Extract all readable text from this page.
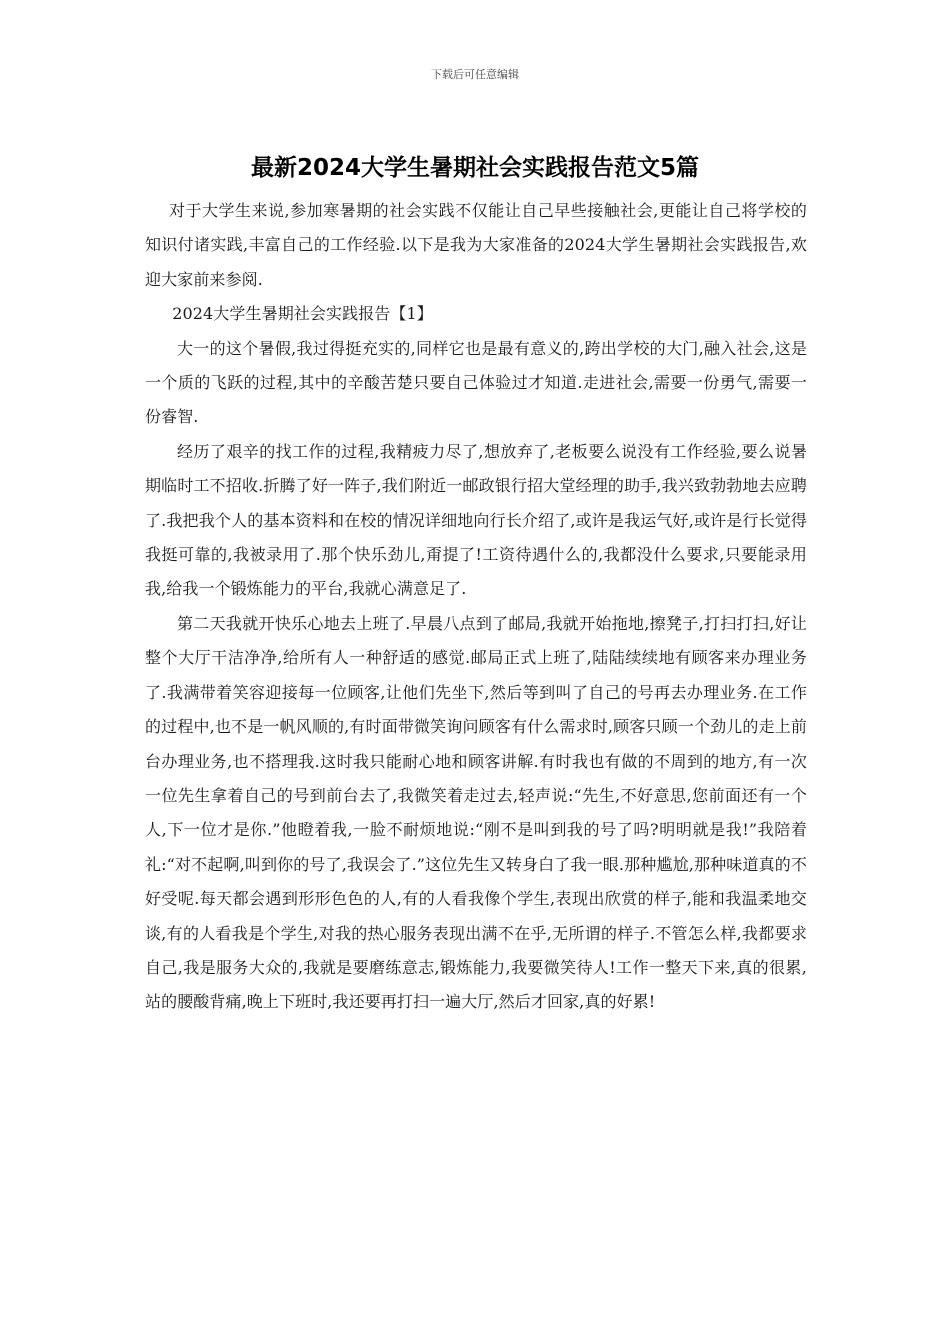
下载后可任意编辑
最新2024大学生暑期社会实践报告范文5篇

对于大学生来说,参加寒暑期的社会实践不仅能让自己早些接触社会,更能让自己将学校的知识付诸实践,丰富自己的工作经验.以下是我为大家准备的2024大学生暑期社会实践报告,欢迎大家前来参阅.

2024大学生暑期社会实践报告【1】

大一的这个暑假,我过得挺充实的,同样它也是最有意义的,跨出学校的大门,融入社会,这是一个质的飞跃的过程,其中的辛酸苦楚只要自己体验过才知道.走进社会,需要一份勇气,需要一份睿智.

经历了艰辛的找工作的过程,我精疲力尽了,想放弃了,老板要么说没有工作经验,要么说暑期临时工不招收.折腾了好一阵子,我们附近一邮政银行招大堂经理的助手,我兴致勃勃地去应聘了.我把我个人的基本资料和在校的情况详细地向行长介绍了,或许是我运气好,或许是行长觉得我挺可靠的,我被录用了.那个快乐劲儿,甭提了!工资待遇什么的,我都没什么要求,只要能录用我,给我一个锻炼能力的平台,我就心满意足了.

第二天我就开快乐心地去上班了.早晨八点到了邮局,我就开始拖地,擦凳子,打扫打扫,好让整个大厅干洁净净,给所有人一种舒适的感觉.邮局正式上班了,陆陆续续地有顾客来办理业务了.我满带着笑容迎接每一位顾客,让他们先坐下,然后等到叫了自己的号再去办理业务.在工作的过程中,也不是一帆风顺的,有时面带微笑询问顾客有什么需求时,顾客只顾一个劲儿的走上前台办理业务,也不搭理我.这时我只能耐心地和顾客讲解.有时我也有做的不周到的地方,有一次一位先生拿着自己的号到前台去了,我微笑着走过去,轻声说:“先生,不好意思,您前面还有一个人,下一位才是你.”他瞪着我,一脸不耐烦地说:“刚不是叫到我的号了吗?明明就是我!”我陪着礼:“对不起啊,叫到你的号了,我误会了.”这位先生又转身白了我一眼.那种尴尬,那种味道真的不好受呢.每天都会遇到形形色色的人,有的人看我像个学生,表现出欣赏的样子,能和我温柔地交谈,有的人看我是个学生,对我的热心服务表现出满不在乎,无所谓的样子.不管怎么样,我都要求自己,我是服务大众的,我就是要磨练意志,锻炼能力,我要微笑待人!工作一整天下来,真的很累,站的腰酸背痛,晚上下班时,我还要再打扫一遍大厅,然后才回家,真的好累!
